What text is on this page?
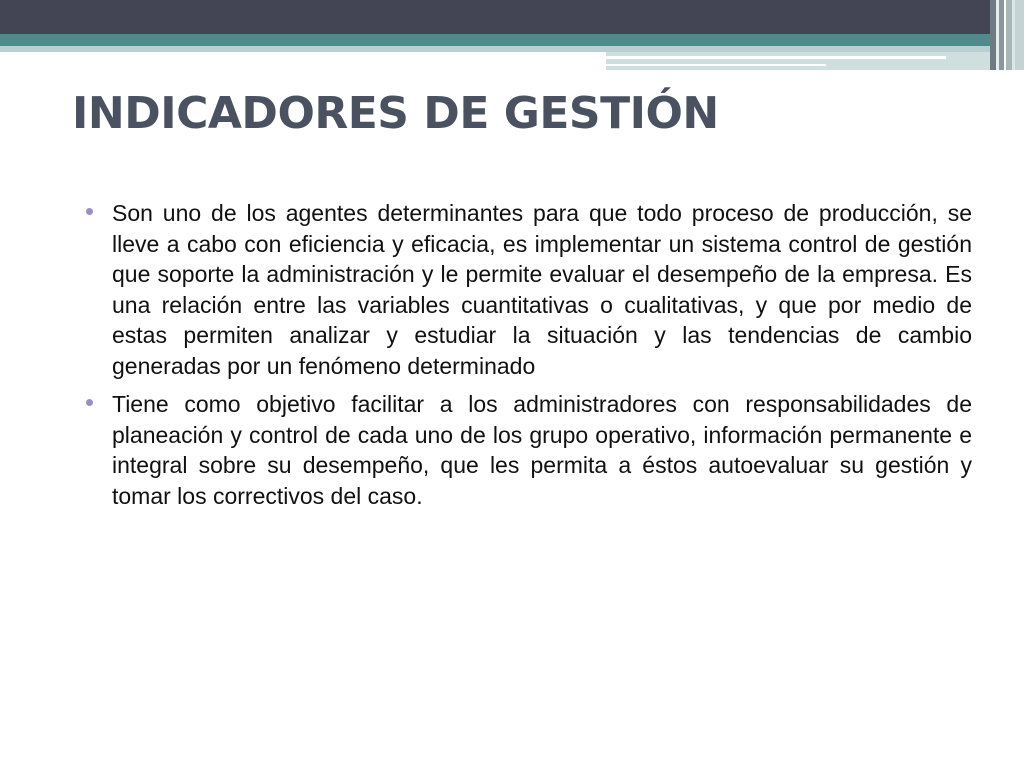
INDICADORES DE GESTIÓN
Son uno de los agentes determinantes para que todo proceso de producción, se lleve a cabo con eficiencia y eficacia, es implementar un sistema control de gestión que soporte la administración y le permite evaluar el desempeño de la empresa. Es una relación entre las variables cuantitativas o cualitativas, y que por medio de estas permiten analizar y estudiar la situación y las tendencias de cambio generadas por un fenómeno determinado
Tiene como objetivo facilitar a los administradores con responsabilidades de planeación y control de cada uno de los grupo operativo, información permanente e integral sobre su desempeño, que les permita a éstos autoevaluar su gestión y tomar los correctivos del caso.
